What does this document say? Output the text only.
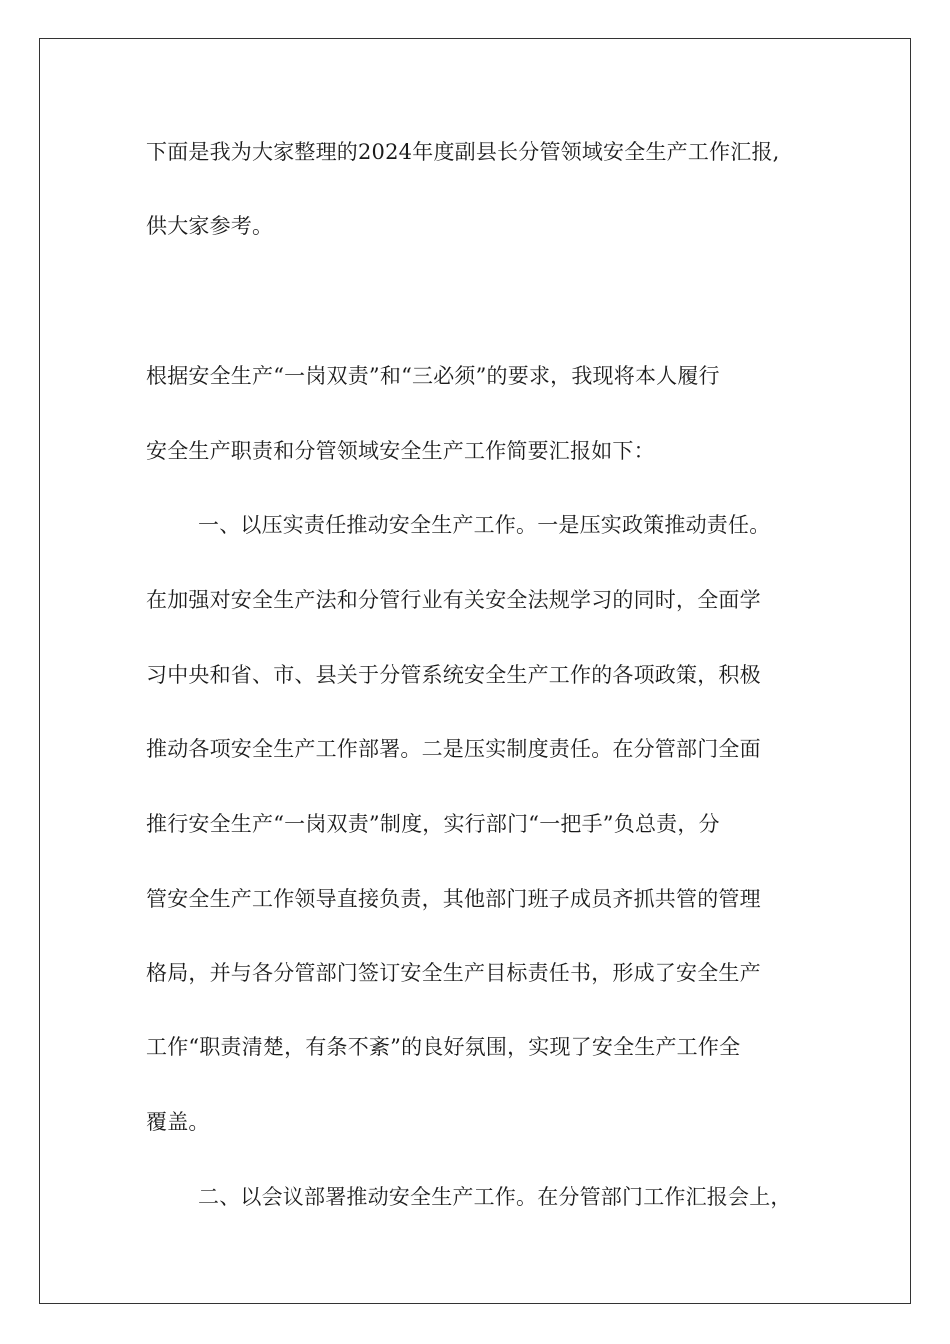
下面是我为大家整理的2024年度副县长分管领域安全生产工作汇报,
供大家参考。
根据安全生产“一岗双责”和“三必须”的要求，我现将本人履行
安全生产职责和分管领域安全生产工作简要汇报如下：
一、以压实责任推动安全生产工作。一是压实政策推动责任。
在加强对安全生产法和分管行业有关安全法规学习的同时，全面学
习中央和省、市、县关于分管系统安全生产工作的各项政策，积极
推动各项安全生产工作部署。二是压实制度责任。在分管部门全面
推行安全生产“一岗双责”制度，实行部门“一把手”负总责，分
管安全生产工作领导直接负责，其他部门班子成员齐抓共管的管理
格局，并与各分管部门签订安全生产目标责任书，形成了安全生产
工作“职责清楚，有条不紊”的良好氛围，实现了安全生产工作全
覆盖。
二、以会议部署推动安全生产工作。在分管部门工作汇报会上，
